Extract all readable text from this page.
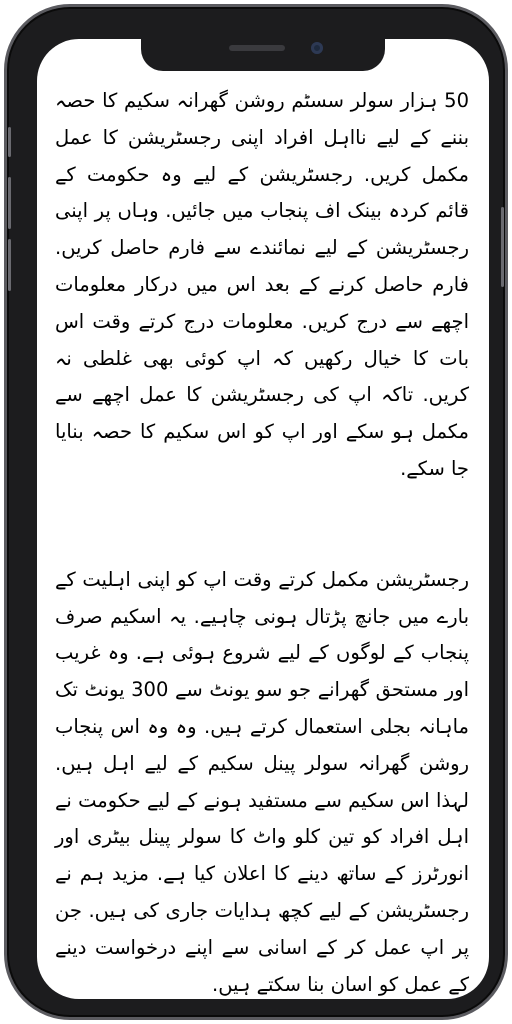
50 ہزار سولر سسٹم روشن گھرانہ سکیم کا حصہ بننے کے لیے نااہل افراد اپنی رجسٹریشن کا عمل مکمل کریں. رجسٹریشن کے لیے وہ حکومت کے قائم کردہ بینک اف پنجاب میں جائیں. وہاں پر اپنی رجسٹریشن کے لیے نمائندے سے فارم حاصل کریں. فارم حاصل کرنے کے بعد اس میں درکار معلومات اچھے سے درج کریں. معلومات درج کرتے وقت اس بات کا خیال رکھیں کہ اپ کوئی بھی غلطی نہ کریں. تاکہ اپ کی رجسٹریشن کا عمل اچھے سے مکمل ہو سکے اور اپ کو اس سکیم کا حصہ بنایا جا سکے.

رجسٹریشن مکمل کرتے وقت اپ کو اپنی اہلیت کے بارے میں جانچ پڑتال ہونی چاہیے. یہ اسکیم صرف پنجاب کے لوگوں کے لیے شروع ہوئی ہے. وہ غریب اور مستحق گھرانے جو سو یونٹ سے 300 یونٹ تک ماہانہ بجلی استعمال کرتے ہیں. وہ وہ اس پنجاب روشن گھرانہ سولر پینل سکیم کے لیے اہل ہیں. لہذا اس سکیم سے مستفید ہونے کے لیے حکومت نے اہل افراد کو تین کلو واٹ کا سولر پینل بیٹری اور انورٹرز کے ساتھ دینے کا اعلان کیا ہے. مزید ہم نے رجسٹریشن کے لیے کچھ ہدایات جاری کی ہیں. جن پر اپ عمل کر کے اسانی سے اپنے درخواست دینے کے عمل کو اسان بنا سکتے ہیں.
